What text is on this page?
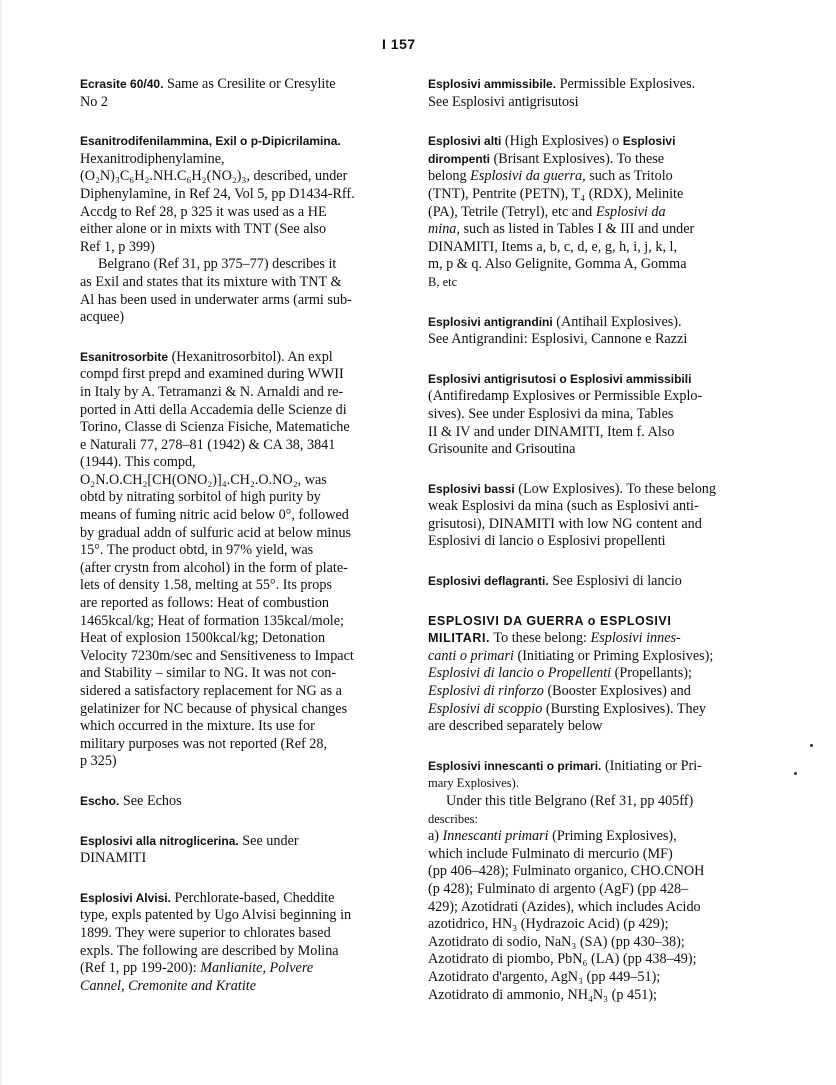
I 157
Ecrasite 60/40. Same as Cresilite or Cresylite
No 2
Esanitrodifenilammina, Exil o p-Dipicrilamina.
Hexanitrodiphenylamine,
(O₂N)₃C₆H₂.NH.C₆H₂(NO₂)₃, described, under
Diphenylamine, in Ref 24, Vol 5, pp D1434-Rff.
Accdg to Ref 28, p 325 it was used as a HE
either alone or in mixts with TNT (See also
Ref 1, p 399)
Belgrano (Ref 31, pp 375–77) describes it
as Exil and states that its mixture with TNT &
Al has been used in underwater arms (armi sub-
acquee)
Esanitrosorbite (Hexanitrosorbitol). An expl
compd first prepd and examined during WWII
in Italy by A. Tetramanzi & N. Arnaldi and re-
ported in Atti della Accademia delle Scienze di
Torino, Classe di Scienza Fisiche, Matematiche
e Naturali 77, 278–81 (1942) & CA 38, 3841
(1944). This compd,
O₂N.O.CH₂[CH(ONO₂)]₄.CH₂.O.NO₂, was
obtd by nitrating sorbitol of high purity by
means of fuming nitric acid below 0°, followed
by gradual addn of sulfuric acid at below minus
15°. The product obtd, in 97% yield, was
(after crystn from alcohol) in the form of plate-
lets of density 1.58, melting at 55°. Its props
are reported as follows: Heat of combustion
1465kcal/kg; Heat of formation 135kcal/mole;
Heat of explosion 1500kcal/kg; Detonation
Velocity 7230m/sec and Sensitiveness to Impact
and Stability – similar to NG. It was not con-
sidered a satisfactory replacement for NG as a
gelatinizer for NC because of physical changes
which occurred in the mixture. Its use for
military purposes was not reported (Ref 28,
p 325)
Escho. See Echos
Esplosivi alla nitroglicerina. See under
DINAMITI
Esplosivi Alvisi. Perchlorate-based, Cheddite
type, expls patented by Ugo Alvisi beginning in
1899. They were superior to chlorates based
expls. The following are described by Molina
(Ref 1, pp 199-200): Manlianite, Polvere
Cannel, Cremonite and Kratite
Esplosivi ammissibile. Permissible Explosives.
See Esplosivi antigrisutosi
Esplosivi alti (High Explosives) o Esplosivi
dirompenti (Brisant Explosives). To these
belong Esplosivi da guerra, such as Tritolo
(TNT), Pentrite (PETN), T₄ (RDX), Melinite
(PA), Tetrile (Tetryl), etc and Esplosivi da
mina, such as listed in Tables I & III and under
DINAMITI, Items a, b, c, d, e, g, h, i, j, k, l,
m, p & q. Also Gelignite, Gomma A, Gomma
B, etc
Esplosivi antigrandini (Antihail Explosives).
See Antigrandini: Esplosivi, Cannone e Razzi
Esplosivi antigrisutosi o Esplosivi ammissibili
(Antifiredamp Explosives or Permissible Explo-
sives). See under Esplosivi da mina, Tables
II & IV and under DINAMITI, Item f. Also
Grisounite and Grisoutina
Esplosivi bassi (Low Explosives). To these belong
weak Esplosivi da mina (such as Esplosivi anti-
grisutosi), DINAMITI with low NG content and
Esplosivi di lancio o Esplosivi propellenti
Esplosivi deflagranti. See Esplosivi di lancio
ESPLOSIVI DA GUERRA o ESPLOSIVI
MILITARI. To these belong: Esplosivi innes-
canti o primari (Initiating or Priming Explosives);
Esplosivi di lancio o Propellenti (Propellants);
Esplosivi di rinforzo (Booster Explosives) and
Esplosivi di scoppio (Bursting Explosives). They
are described separately below
Esplosivi innescanti o primari. (Initiating or Pri-
mary Explosives).
Under this title Belgrano (Ref 31, pp 405ff)
describes:
a) Innescanti primari (Priming Explosives),
which include Fulminato di mercurio (MF)
(pp 406–428); Fulminato organico, CHO.CNOH
(p 428); Fulminato di argento (AgF) (pp 428–
429); Azotidrati (Azides), which includes Acido
azotidrico, HN₃ (Hydrazoic Acid) (p 429);
Azotidrato di sodio, NaN₃ (SA) (pp 430–38);
Azotidrato di piombo, PbN₆ (LA) (pp 438–49);
Azotidrato d'argento, AgN₃ (pp 449–51);
Azotidrato di ammonio, NH₄N₃ (p 451);
